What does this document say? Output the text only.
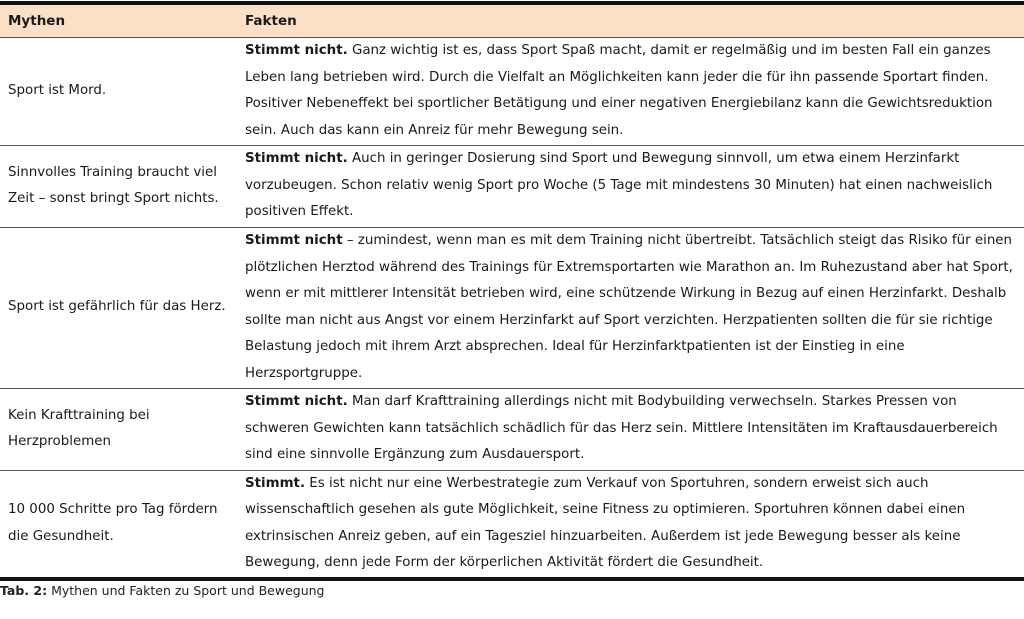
Mythen	Fakten
Sport ist Mord.	Stimmt nicht. Ganz wichtig ist es, dass Sport Spaß macht, damit er regelmäßig und im besten Fall ein ganzes Leben lang betrieben wird. Durch die Vielfalt an Möglichkeiten kann jeder die für ihn passende Sportart finden. Positiver Nebeneffekt bei sportlicher Betätigung und einer negativen Energiebilanz kann die Gewichtsreduktion sein. Auch das kann ein Anreiz für mehr Bewegung sein.
Sinnvolles Training braucht viel Zeit – sonst bringt Sport nichts.	Stimmt nicht. Auch in geringer Dosierung sind Sport und Bewegung sinnvoll, um etwa einem Herzinfarkt vorzubeugen. Schon relativ wenig Sport pro Woche (5 Tage mit mindestens 30 Minuten) hat einen nachweislich positiven Effekt.
Sport ist gefährlich für das Herz.	Stimmt nicht – zumindest, wenn man es mit dem Training nicht übertreibt. Tatsächlich steigt das Risiko für einen plötzlichen Herztod während des Trainings für Extremsportarten wie Marathon an. Im Ruhezustand aber hat Sport, wenn er mit mittlerer Intensität betrieben wird, eine schützende Wirkung in Bezug auf einen Herzinfarkt. Deshalb sollte man nicht aus Angst vor einem Herzinfarkt auf Sport verzichten. Herzpatienten sollten die für sie richtige Belastung jedoch mit ihrem Arzt absprechen. Ideal für Herzinfarktpatienten ist der Einstieg in eine Herzsportgruppe.
Kein Krafttraining bei Herzproblemen	Stimmt nicht. Man darf Krafttraining allerdings nicht mit Bodybuilding verwechseln. Starkes Pressen von schweren Gewichten kann tatsächlich schädlich für das Herz sein. Mittlere Intensitäten im Kraftausdauerbereich sind eine sinnvolle Ergänzung zum Ausdauersport.
10 000 Schritte pro Tag fördern die Gesundheit.	Stimmt. Es ist nicht nur eine Werbestrategie zum Verkauf von Sportuhren, sondern erweist sich auch wissenschaftlich gesehen als gute Möglichkeit, seine Fitness zu optimieren. Sportuhren können dabei einen extrinsischen Anreiz geben, auf ein Tagesziel hinzuarbeiten. Außerdem ist jede Bewegung besser als keine Bewegung, denn jede Form der körperlichen Aktivität fördert die Gesundheit.
Tab. 2: Mythen und Fakten zu Sport und Bewegung
